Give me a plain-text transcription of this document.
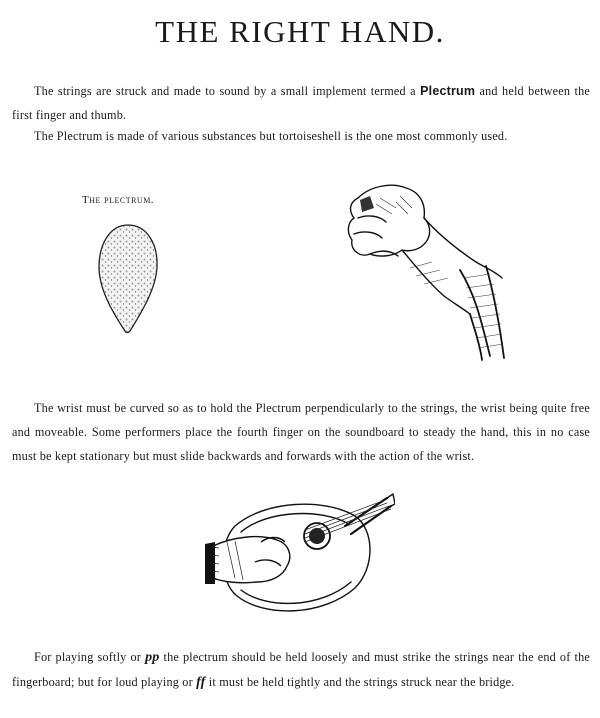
THE RIGHT HAND.

The strings are struck and made to sound by a small implement termed a Plectrum and held between the first finger and thumb.

The Plectrum is made of various substances but tortoiseshell is the one most commonly used.

The plectrum.

The wrist must be curved so as to hold the Plectrum perpendicularly to the strings, the wrist being quite free and moveable. Some performers place the fourth finger on the soundboard to steady the hand, this in no case must be kept stationary but must slide backwards and forwards with the action of the wrist.

For playing softly or pp the plectrum should be held loosely and must strike the strings near the end of the fingerboard; but for loud playing or ff it must be held tightly and the strings struck near the bridge.
